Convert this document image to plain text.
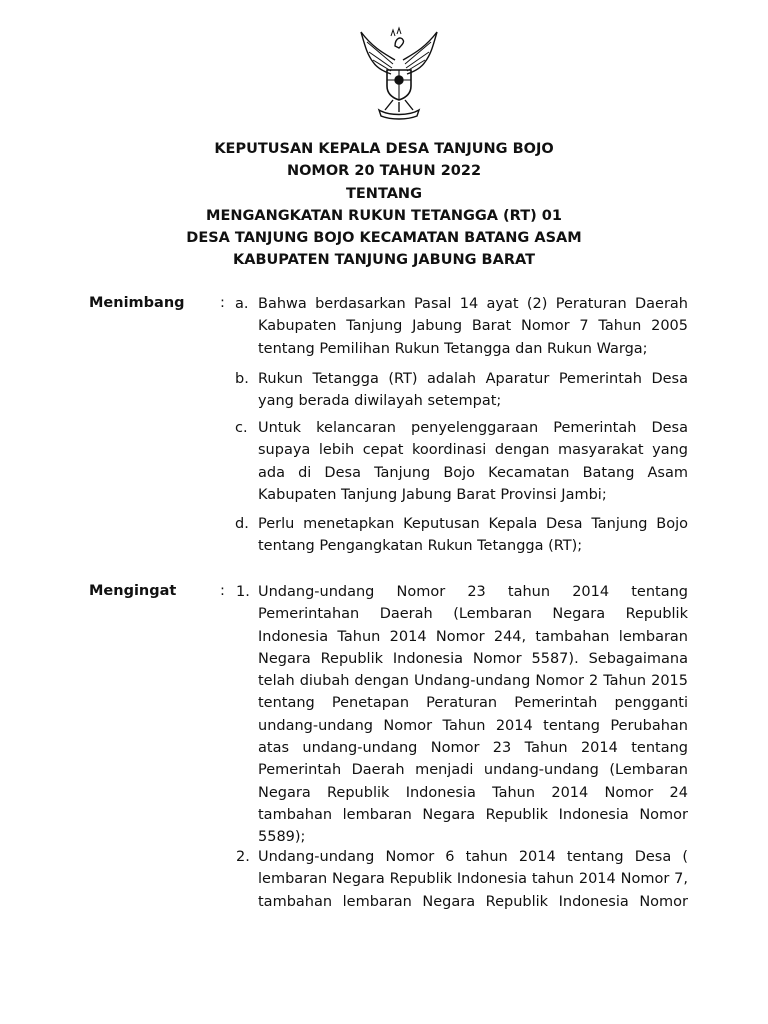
KEPUTUSAN KEPALA DESA TANJUNG BOJO
NOMOR 20 TAHUN 2022
TENTANG
MENGANGKATAN RUKUN TETANGGA (RT) 01
DESA TANJUNG BOJO KECAMATAN BATANG ASAM
KABUPATEN TANJUNG JABUNG BARAT
Menimbang : a. Bahwa berdasarkan Pasal 14 ayat (2) Peraturan Daerah Kabupaten Tanjung Jabung Barat Nomor 7 Tahun 2005 tentang Pemilihan Rukun Tetangga dan Rukun Warga;
b. Rukun Tetangga (RT) adalah Aparatur Pemerintah Desa yang berada diwilayah setempat;
c. Untuk kelancaran penyelenggaraan Pemerintah Desa supaya lebih cepat koordinasi dengan masyarakat yang ada di Desa Tanjung Bojo Kecamatan Batang Asam Kabupaten Tanjung Jabung Barat Provinsi Jambi;
d. Perlu menetapkan Keputusan Kepala Desa Tanjung Bojo tentang Pengangkatan Rukun Tetangga (RT);
Mengingat	: 1. Undang-undang Nomor 23 tahun 2014 tentang Pemerintahan Daerah (Lembaran Negara Republik Indonesia Tahun 2014 Nomor 244, tambahan lembaran Negara Republik Indonesia Nomor 5587). Sebagaimana telah diubah dengan Undang-undang Nomor 2 Tahun 2015 tentang Penetapan Peraturan Pemerintah pengganti undang-undang Nomor Tahun 2014 tentang Perubahan atas undang-undang Nomor 23 Tahun 2014 tentang Pemerintah Daerah menjadi undang-undang (Lembaran Negara Republik Indonesia Tahun 2014 Nomor 24 tambahan lembaran Negara Republik Indonesia Nomor 5589);
2. Undang-undang Nomor 6 tahun 2014 tentang Desa ( lembaran Negara Republik Indonesia tahun 2014 Nomor 7, tambahan lembaran Negara Republik Indonesia Nomor
